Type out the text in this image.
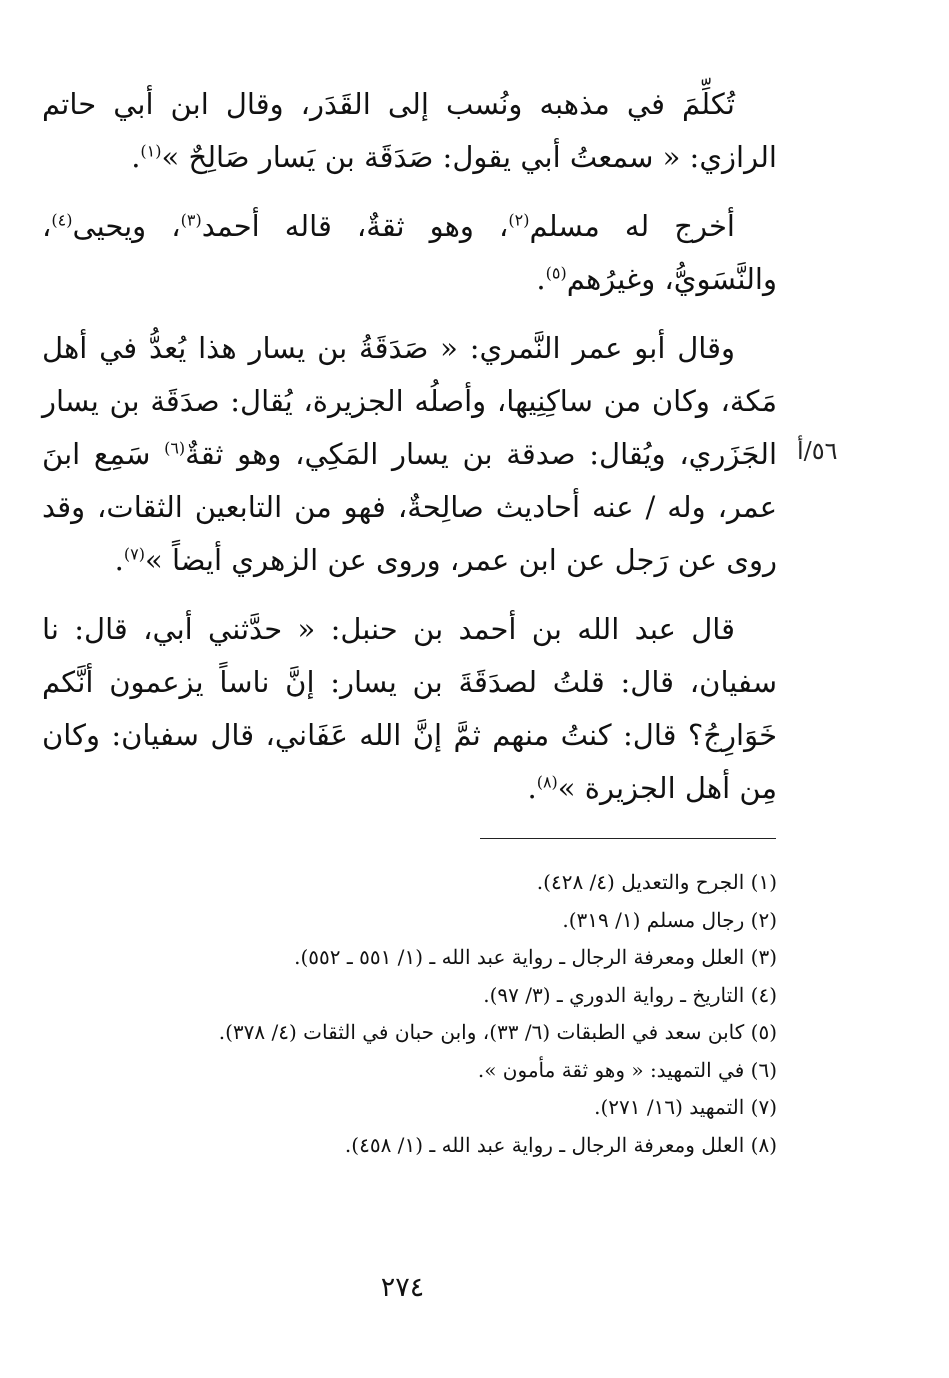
تُكلِّمَ في مذهبه ونُسب إلى القَدَر، وقال ابن أبي حاتم الرازي: « سمعتُ أبي يقول: صَدَقَة بن يَسار صَالِحٌ »$^{(١)}$.

أخرج له مسلم$^{(٢)}$، وهو ثقةٌ، قاله أحمد$^{(٣)}$، ويحيى$^{(٤)}$، والنَّسَويُّ، وغيرُهم$^{(٥)}$.

وقال أبو عمر النَّمري: « صَدَقَةُ بن يسار هذا يُعدُّ في أهل مَكة، وكان من ساكِنِيها، وأصلُه الجزيرة، يُقال: صدَقَة بن يسار الجَزَري، ويُقال: صدقة بن يسار المَكِي، وهو ثقةٌ$^{(٦)}$ سَمِع ابنَ عمر، وله / عنه أحاديث صالِحةٌ، فهو من التابعين الثقات، وقد روى عن رَجل عن ابن عمر، وروى عن الزهري أيضاً »$^{(٧)}$.

قال عبد الله بن أحمد بن حنبل: « حدَّثني أبي، قال: نا سفيان، قال: قلتُ لصدَقَةَ بن يسار: إنَّ ناساً يزعمون أنَّكم خَوَارِجُ؟ قال: كنتُ منهم ثمَّ إنَّ الله عَفَاني، قال سفيان: وكان مِن أهل الجزيرة »$^{(٨)}$.

٥٦/أ
(١) الجرح والتعديل (٤/ ٤٢٨).
(٢) رجال مسلم (١/ ٣١٩).
(٣) العلل ومعرفة الرجال ـ رواية عبد الله ـ (١/ ٥٥١ ـ ٥٥٢).
(٤) التاريخ ـ رواية الدوري ـ (٣/ ٩٧).
(٥) كابن سعد في الطبقات (٦/ ٣٣)، وابن حبان في الثقات (٤/ ٣٧٨).
(٦) في التمهيد: « وهو ثقة مأمون ».
(٧) التمهيد (١٦/ ٢٧١).
(٨) العلل ومعرفة الرجال ـ رواية عبد الله ـ (١/ ٤٥٨).
٢٧٤
